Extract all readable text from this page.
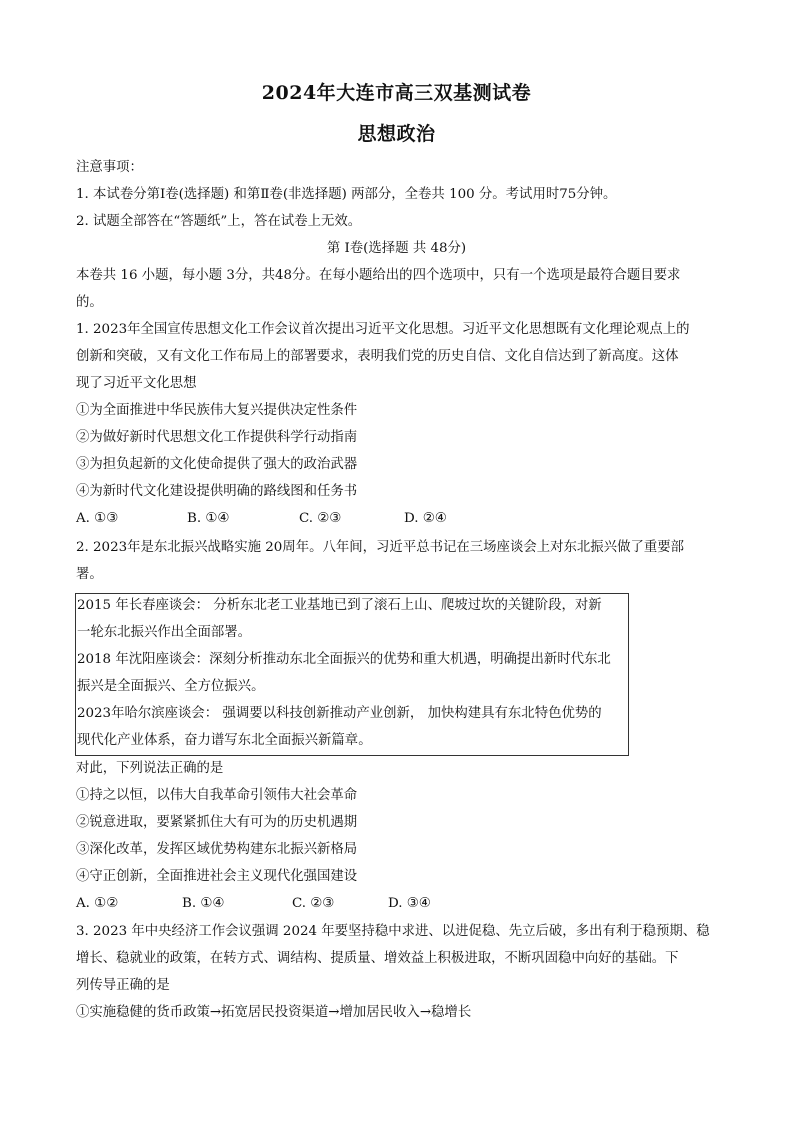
2024年大连市高三双基测试卷
思想政治
注意事项：
1. 本试卷分第Ⅰ卷(选择题) 和第Ⅱ卷(非选择题) 两部分，全卷共 100 分。考试用时75分钟。
2. 试题全部答在“答题纸”上，答在试卷上无效。
第 Ⅰ卷(选择题 共 48分)
本卷共 16 小题，每小题 3分，共48分。在每小题给出的四个选项中，只有一个选项是最符合题目要求
的。
1. 2023年全国宣传思想文化工作会议首次提出习近平文化思想。习近平文化思想既有文化理论观点上的
创新和突破，又有文化工作布局上的部署要求，表明我们党的历史自信、文化自信达到了新高度。这体
现了习近平文化思想
①为全面推进中华民族伟大复兴提供决定性条件
②为做好新时代思想文化工作提供科学行动指南
③为担负起新的文化使命提供了强大的政治武器
④为新时代文化建设提供明确的路线图和任务书
A. ①③	B. ①④	C. ②③	D. ②④
2. 2023年是东北振兴战略实施 20周年。八年间，习近平总书记在三场座谈会上对东北振兴做了重要部
署。
2015 年长春座谈会： 分析东北老工业基地已到了滚石上山、爬坡过坎的关键阶段，对新
一轮东北振兴作出全面部署。
2018 年沈阳座谈会：深刻分析推动东北全面振兴的优势和重大机遇，明确提出新时代东北
振兴是全面振兴、全方位振兴。
2023年哈尔滨座谈会： 强调要以科技创新推动产业创新， 加快构建具有东北特色优势的
现代化产业体系，奋力谱写东北全面振兴新篇章。
对此，下列说法正确的是
①持之以恒，以伟大自我革命引领伟大社会革命
②锐意进取，要紧紧抓住大有可为的历史机遇期
③深化改革，发挥区域优势构建东北振兴新格局
④守正创新，全面推进社会主义现代化强国建设
A. ①②	B. ①④	C. ②③	D. ③④
3. 2023 年中央经济工作会议强调 2024 年要坚持稳中求进、以进促稳、先立后破，多出有利于稳预期、稳
增长、稳就业的政策，在转方式、调结构、提质量、增效益上积极进取，不断巩固稳中向好的基础。下
列传导正确的是
①实施稳健的货币政策→拓宽居民投资渠道→增加居民收入→稳增长
